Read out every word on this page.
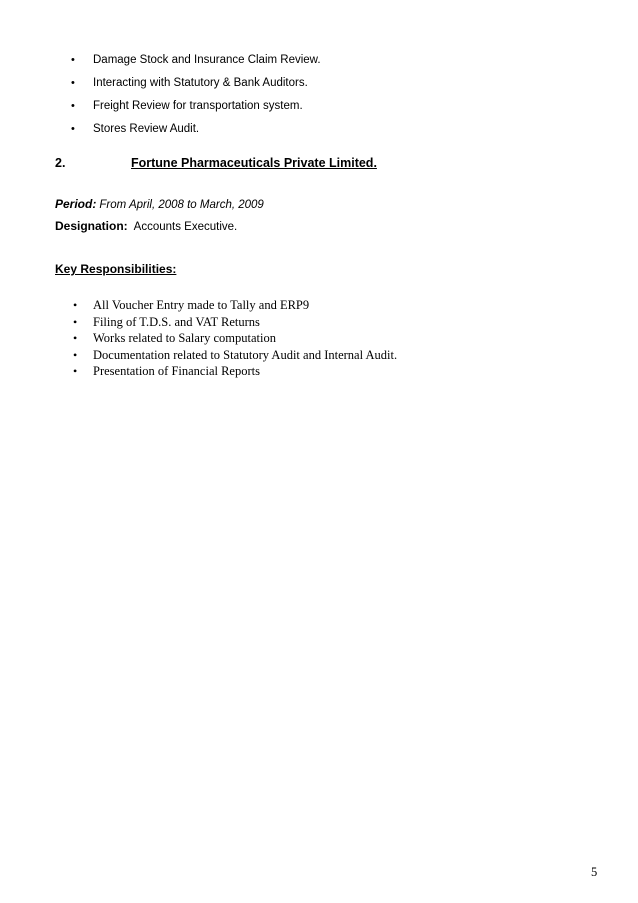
• Damage Stock and Insurance Claim Review.
• Interacting with Statutory & Bank Auditors.
• Freight Review for transportation system.
• Stores Review Audit.
2.	Fortune Pharmaceuticals Private Limited.
Period: From April, 2008 to March, 2009
Designation: Accounts Executive.
Key Responsibilities:
• All Voucher Entry made to Tally and ERP9
• Filing of T.D.S. and VAT Returns
• Works related to Salary computation
• Documentation related to Statutory Audit and Internal Audit.
• Presentation of Financial Reports
5
